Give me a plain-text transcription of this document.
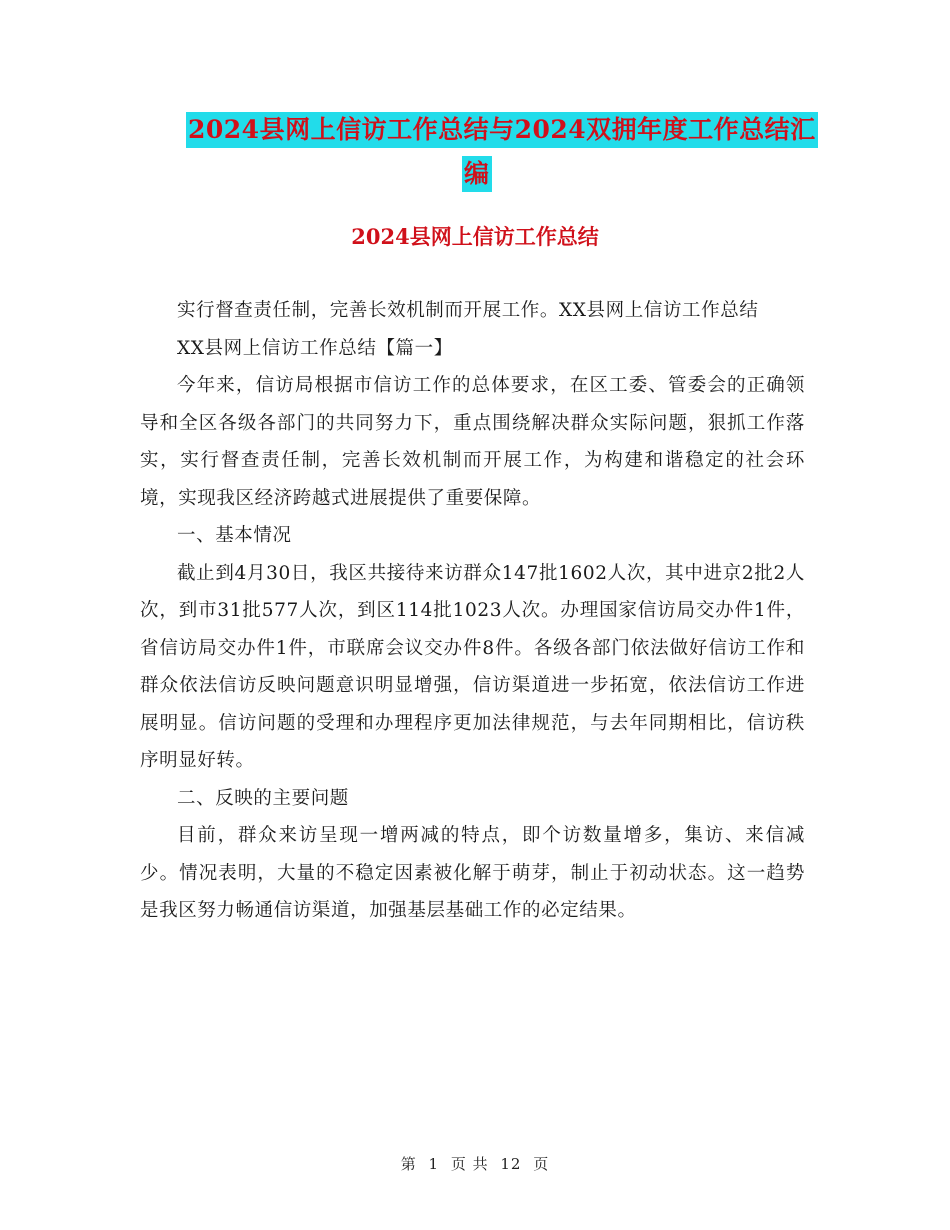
2024县网上信访工作总结与2024双拥年度工作总结汇
编
2024县网上信访工作总结

实行督查责任制，完善长效机制而开展工作。XX县网上信访工作总结

XX县网上信访工作总结【篇一】

今年来，信访局根据市信访工作的总体要求，在区工委、管委会的正确领导和全区各级各部门的共同努力下，重点围绕解决群众实际问题，狠抓工作落实，实行督查责任制，完善长效机制而开展工作，为构建和谐稳定的社会环境，实现我区经济跨越式进展提供了重要保障。

一、基本情况

截止到4月30日，我区共接待来访群众147批1602人次，其中进京2批2人次，到市31批577人次，到区114批1023人次。办理国家信访局交办件1件，省信访局交办件1件，市联席会议交办件8件。各级各部门依法做好信访工作和群众依法信访反映问题意识明显增强，信访渠道进一步拓宽，依法信访工作进展明显。信访问题的受理和办理程序更加法律规范，与去年同期相比，信访秩序明显好转。

二、反映的主要问题

目前，群众来访呈现一增两减的特点，即个访数量增多，集访、来信减少。情况表明，大量的不稳定因素被化解于萌芽，制止于初动状态。这一趋势是我区努力畅通信访渠道，加强基层基础工作的必定结果。

第 1 页 共 12 页
